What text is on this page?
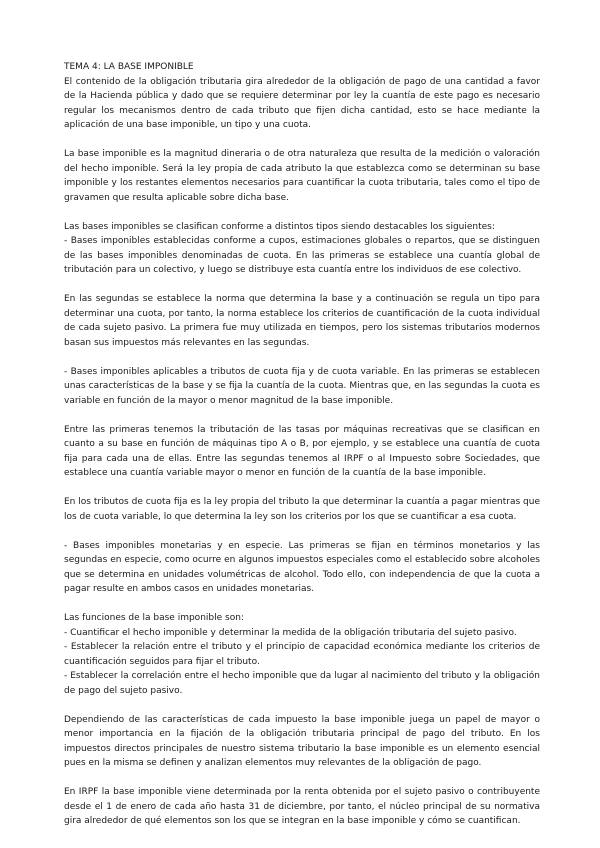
TEMA 4: LA BASE IMPONIBLE

El contenido de la obligación tributaria gira alrededor de la obligación de pago de una cantidad a favor de la Hacienda pública y dado que se requiere determinar por ley la cuantía de este pago es necesario regular los mecanismos dentro de cada tributo que fijen dicha cantidad, esto se hace mediante la aplicación de una base imponible, un tipo y una cuota.

La base imponible es la magnitud dineraria o de otra naturaleza que resulta de la medición o valoración del hecho imponible. Será la ley propia de cada atributo la que establezca como se determinan su base imponible y los restantes elementos necesarios para cuantificar la cuota tributaria, tales como el tipo de gravamen que resulta aplicable sobre dicha base.

Las bases imponibles se clasifican conforme a distintos tipos siendo destacables los siguientes:

- Bases imponibles establecidas conforme a cupos, estimaciones globales o repartos, que se distinguen de las bases imponibles denominadas de cuota. En las primeras se establece una cuantía global de tributación para un colectivo, y luego se distribuye esta cuantía entre los individuos de ese colectivo.

En las segundas se establece la norma que determina la base y a continuación se regula un tipo para determinar una cuota, por tanto, la norma establece los criterios de cuantificación de la cuota individual de cada sujeto pasivo. La primera fue muy utilizada en tiempos, pero los sistemas tributarios modernos basan sus impuestos más relevantes en las segundas.

- Bases imponibles aplicables a tributos de cuota fija y de cuota variable. En las primeras se establecen unas características de la base y se fija la cuantía de la cuota. Mientras que, en las segundas la cuota es variable en función de la mayor o menor magnitud de la base imponible.

Entre las primeras tenemos la tributación de las tasas por máquinas recreativas que se clasifican en cuanto a su base en función de máquinas tipo A o B, por ejemplo, y se establece una cuantía de cuota fija para cada una de ellas. Entre las segundas tenemos al IRPF o al Impuesto sobre Sociedades, que establece una cuantía variable mayor o menor en función de la cuantía de la base imponible.

En los tributos de cuota fija es la ley propia del tributo la que determinar la cuantía a pagar mientras que los de cuota variable, lo que determina la ley son los criterios por los que se cuantificar a esa cuota.

- Bases imponibles monetarias y en especie. Las primeras se fijan en términos monetarios y las segundas en especie, como ocurre en algunos impuestos especiales como el establecido sobre alcoholes que se determina en unidades volumétricas de alcohol. Todo ello, con independencia de que la cuota a pagar resulte en ambos casos en unidades monetarias.

Las funciones de la base imponible son:

- Cuantificar el hecho imponible y determinar la medida de la obligación tributaria del sujeto pasivo.

- Establecer la relación entre el tributo y el principio de capacidad económica mediante los criterios de cuantificación seguidos para fijar el tributo.

- Establecer la correlación entre el hecho imponible que da lugar al nacimiento del tributo y la obligación de pago del sujeto pasivo.

Dependiendo de las características de cada impuesto la base imponible juega un papel de mayor o menor importancia en la fijación de la obligación tributaria principal de pago del tributo. En los impuestos directos principales de nuestro sistema tributario la base imponible es un elemento esencial pues en la misma se definen y analizan elementos muy relevantes de la obligación de pago.

En IRPF la base imponible viene determinada por la renta obtenida por el sujeto pasivo o contribuyente desde el 1 de enero de cada año hasta 31 de diciembre, por tanto, el núcleo principal de su normativa gira alrededor de qué elementos son los que se integran en la base imponible y cómo se cuantifican.
